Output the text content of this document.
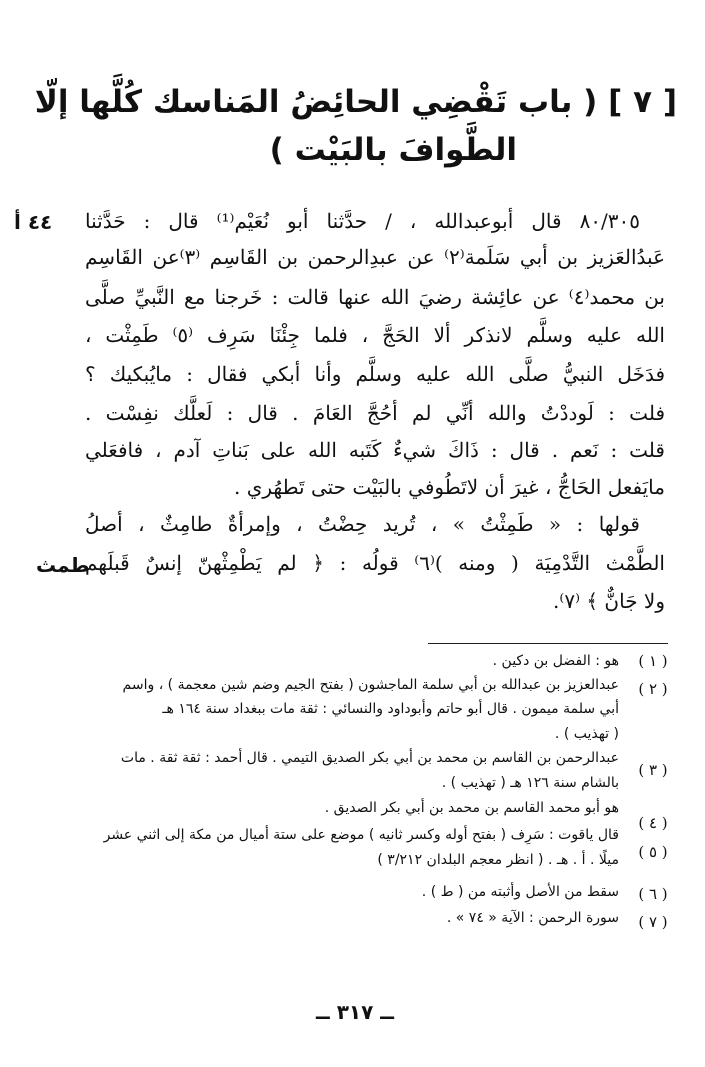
[ ٧ ] ( باب تَقْضِي الحائِضُ المَناسك كُلَّها إلّا
الطَّوافَ بالبَيْت )
٤٤ أ
طمث
٨٠/٣٠٥ قال أبوعبدالله ، / حدَّثنا أبو نُعَيْم⁽¹⁾ قال : حَدَّثنا
عَبدُالعَزيز بن أبي سَلَمة⁽٢⁾ عن عبدِالرحمن بن القَاسِم ⁽٣⁾عن القَاسِم
بن محمد⁽٤⁾ عن عائِشة رضيَ الله عنها قالت : خَرجنا مع النَّبيِّ صلَّى
الله عليه وسلَّم لانذكر ألا الحَجَّ ، فلما جِئْنَا سَرِف ⁽٥⁾ طَمِثْت ،
فدَخَل النبيُّ صلَّى الله عليه وسلَّم وأنا أبكي فقال : مايُبكيك ؟
فلت : لَوددْتُ والله أنِّي لم أحُجَّ العَامَ . قال : لَعلَّك نفِسْت .
قلت : نَعم . قال : ذَاكَ شيءٌ كَتَبه الله على بَناتِ آدم ، فافعَلي
مايَفعل الحَاجُّ ، غيرَ أن لاتَطُوفي بالبَيْت حتى تَطهُري .
قولها : « طَمِثْتُ » ، تُريد حِضْتُ ، وإمرأةٌ طامِثٌ ، أصلُ
الطَّمْث التَّدْمِيَة ( ومنه )⁽٦⁾ قولُه : ﴿ لم يَطْمِثْهنّ إنسٌ قَبلَهم
ولا جَانٌّ ﴾ ⁽٧⁾.
( ١ )
هو : الفضل بن دكين .
( ٢ )
عبدالعزيز بن عبدالله بن أبي سلمة الماجشون ( بفتح الجيم وضم شين معجمة ) ، واسم
أبي سلمة ميمون . قال أبو حاتم وأبوداود والنسائي : ثقة مات ببغداد سنة ١٦٤ هـ
( تهذيب ) .
( ٣ )
عبدالرحمن بن القاسم بن محمد بن أبي بكر الصديق التيمي . قال أحمد : ثقة ثقة . مات
بالشام سنة ١٢٦ هـ ( تهذيب ) .
( ٤ )
هو أبو محمد القاسم بن محمد بن أبي بكر الصديق .
( ٥ )
قال ياقوت : سَرِف ( بفتح أوله وكسر ثانيه ) موضع على ستة أميال من مكة إلى اثني عشر
ميلًا . أ . هـ . ( انظر معجم البلدان ٣/٢١٢ )
( ٦ )
سقط من الأصل وأثبته من ( ط ) .
( ٧ )
سورة الرحمن : الآية « ٧٤ » .
ــ ٣١٧ ــ
